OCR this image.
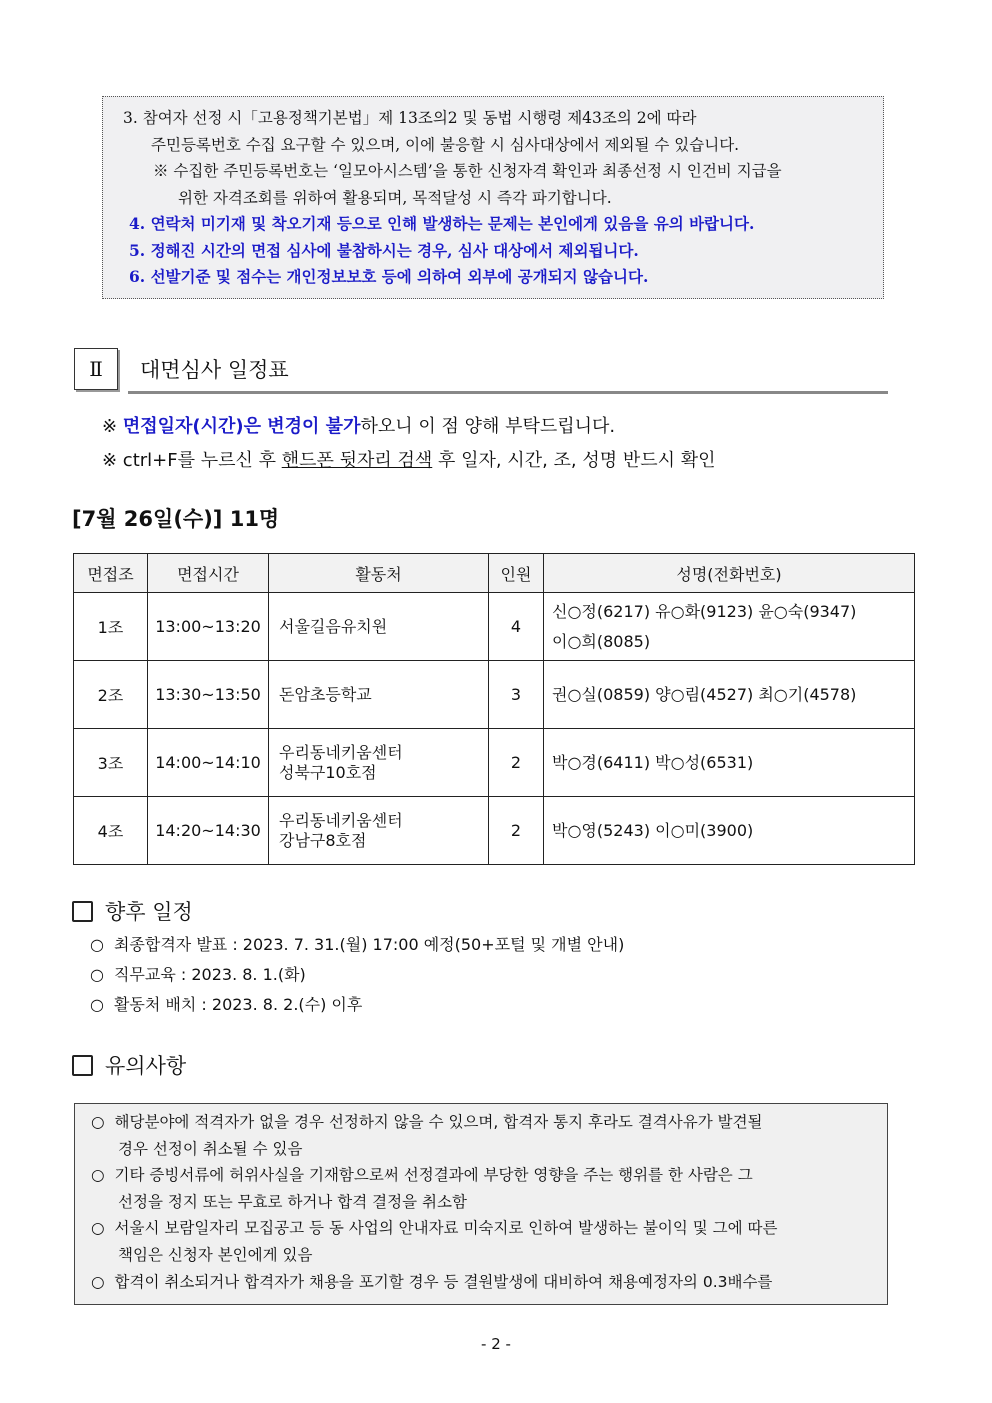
3. 참여자 선정 시「고용정책기본법」제 13조의2 및 동법 시행령 제43조의 2에 따라
주민등록번호 수집 요구할 수 있으며, 이에 불응할 시 심사대상에서 제외될 수 있습니다.
※ 수집한 주민등록번호는 ‘일모아시스템’을 통한 신청자격 확인과 최종선정 시 인건비 지급을
위한 자격조회를 위하여 활용되며, 목적달성 시 즉각 파기합니다.
4. 연락처 미기재 및 착오기재 등으로 인해 발생하는 문제는 본인에게 있음을 유의 바랍니다.
5. 정해진 시간의 면접 심사에 불참하시는 경우, 심사 대상에서 제외됩니다.
6. 선발기준 및 점수는 개인정보보호 등에 의하여 외부에 공개되지 않습니다.
Ⅱ	대면심사 일정표
※ 면접일자(시간)은 변경이 불가하오니 이 점 양해 부탁드립니다.
※ ctrl+F를 누르신 후 핸드폰 뒷자리 검색 후 일자, 시간, 조, 성명 반드시 확인
[7월 26일(수)] 11명
면접조	면접시간	활동처	인원	성명(전화번호)
1조	13:00~13:20	서울길음유치원	4	신○정(6217) 유○화(9123) 윤○숙(9347)
이○희(8085)

2조	13:30~13:50	돈암초등학교	3	권○실(0859) 양○림(4527) 최○기(4578)

3조	14:00~14:10	우리동네키움센터
성북구10호점	2	박○경(6411) 박○성(6531)

4조	14:20~14:30	우리동네키움센터
강남구8호점	2	박○영(5243) 이○미(3900)
향후 일정
○ 최종합격자 발표 : 2023. 7. 31.(월) 17:00 예정(50+포털 및 개별 안내)
○ 직무교육 : 2023. 8. 1.(화)
○ 활동처 배치 : 2023. 8. 2.(수) 이후
유의사항
○ 해당분야에 적격자가 없을 경우 선정하지 않을 수 있으며, 합격자 통지 후라도 결격사유가 발견될
경우 선정이 취소될 수 있음
○ 기타 증빙서류에 허위사실을 기재함으로써 선정결과에 부당한 영향을 주는 행위를 한 사람은 그
선정을 정지 또는 무효로 하거나 합격 결정을 취소함
○ 서울시 보람일자리 모집공고 등 동 사업의 안내자료 미숙지로 인하여 발생하는 불이익 및 그에 따른
책임은 신청자 본인에게 있음
○ 합격이 취소되거나 합격자가 채용을 포기할 경우 등 결원발생에 대비하여 채용예정자의 0.3배수를
- 2 -
